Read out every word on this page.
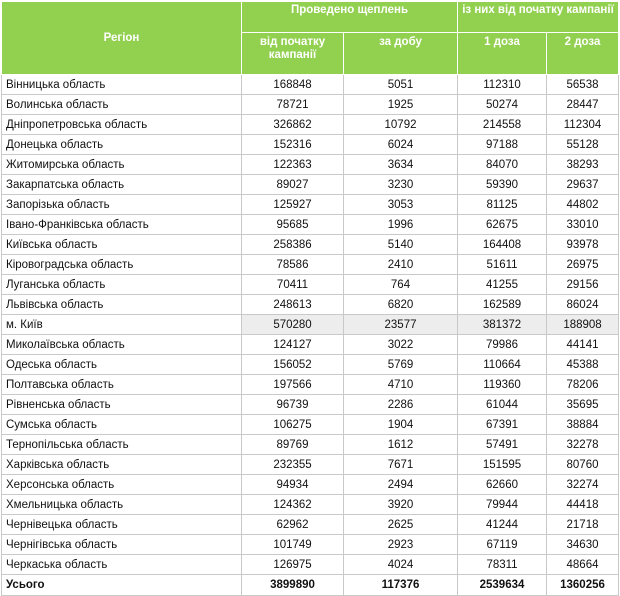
Регіон	Проведено щеплень		із них від початку кампанії	
	від початку кампанії	за добу	1 доза	2 доза
Вінницька область	168848	5051	112310	56538
Волинська область	78721	1925	50274	28447
Дніпропетровська область	326862	10792	214558	112304
Донецька область	152316	6024	97188	55128
Житомирська область	122363	3634	84070	38293
Закарпатська область	89027	3230	59390	29637
Запорізька область	125927	3053	81125	44802
Івано-Франківська область	95685	1996	62675	33010
Київська область	258386	5140	164408	93978
Кіровоградська область	78586	2410	51611	26975
Луганська область	70411	764	41255	29156
Львівська область	248613	6820	162589	86024
м. Київ	570280	23577	381372	188908
Миколаївська область	124127	3022	79986	44141
Одеська область	156052	5769	110664	45388
Полтавська область	197566	4710	119360	78206
Рівненська область	96739	2286	61044	35695
Сумська область	106275	1904	67391	38884
Тернопільська область	89769	1612	57491	32278
Харківська область	232355	7671	151595	80760
Херсонська область	94934	2494	62660	32274
Хмельницька область	124362	3920	79944	44418
Чернівецька область	62962	2625	41244	21718
Чернігівська область	101749	2923	67119	34630
Черкаська область	126975	4024	78311	48664
Усього	3899890	117376	2539634	1360256
